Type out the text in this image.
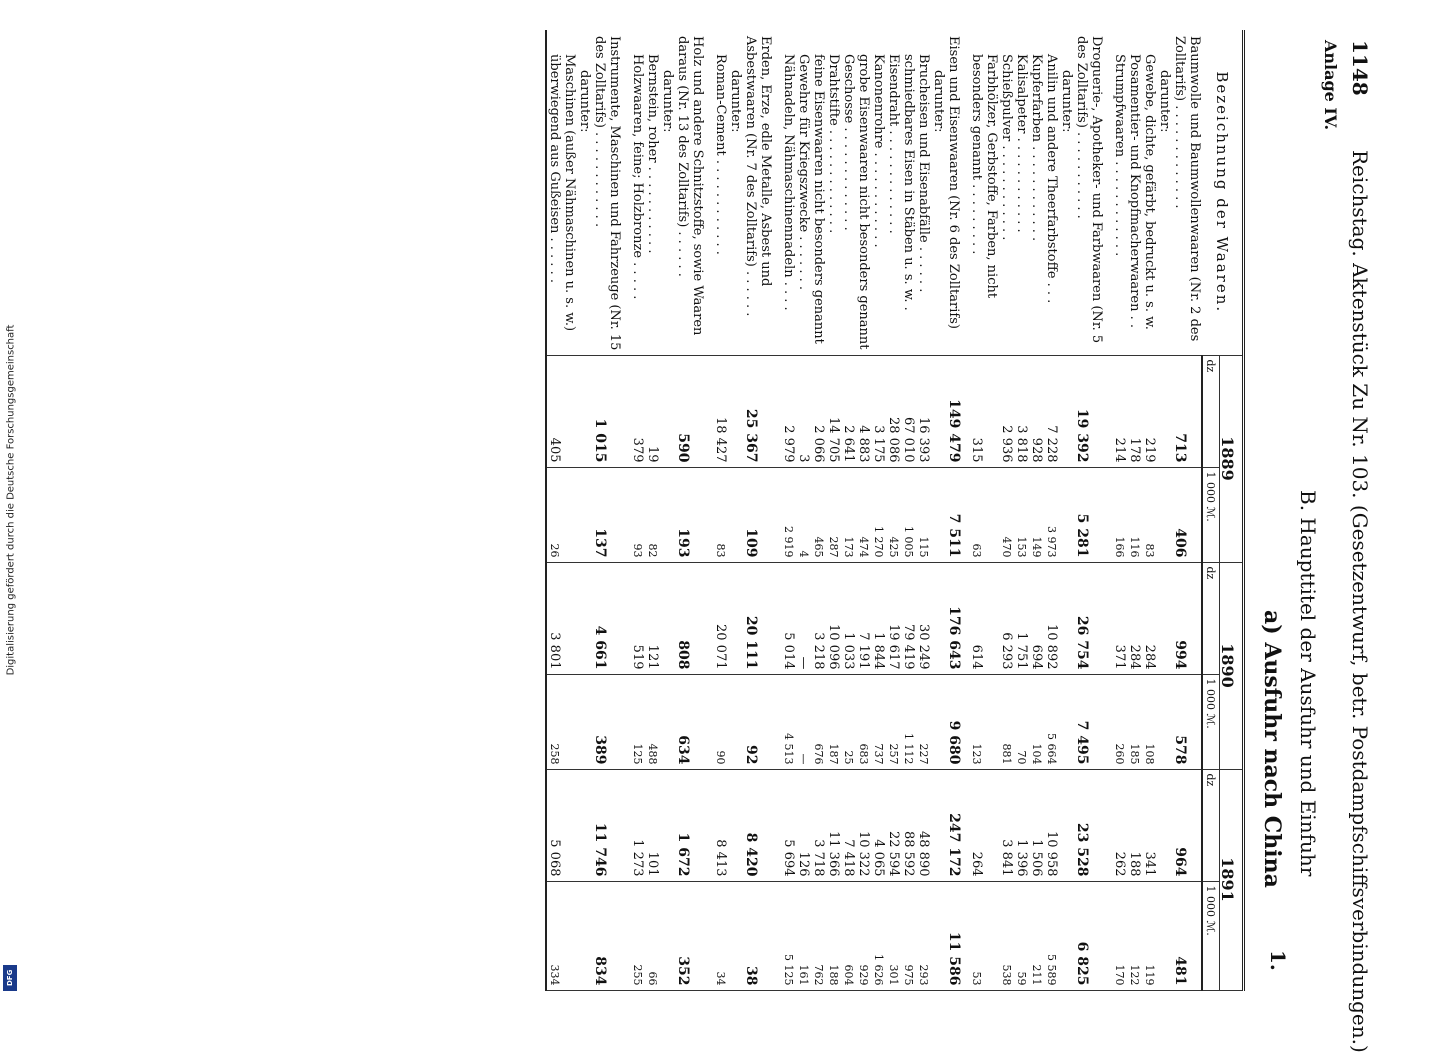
Digitalisierung gefördert durch die Deutsche Forschungsgemeinschaft
DFG
1148
Reichstag. Aktenstück Zu Nr. 103. (Gesetzentwurf, betr. Postdampfschiffsverbindungen.)
Anlage IV.
B. Haupttitel der Ausfuhr und Einfuhr
1.
a) Ausfuhr nach China
Bezeichnung der Waaren.	1889		1890		1891	
	dz	1 000 ℳ.	dz	1 000 ℳ.	dz	1 000 ℳ.
Baumwolle und Baumwollenwaaren (Nr. 2 des Zolltarifs) . . . . . . . . . . . . .	713	406	994	578	964	481
darunter:						
Gewebe, dichte, gefärbt, bedruckt u. s. w.	219	83	284	108	341	119
Posamentier- und Knopfmacherwaaren . .	178	116	284	185	188	122
Strumpfwaaren . . . . . . . . . . . .	214	166	371	260	262	170

Droguerie-, Apotheker- und Farbwaaren (Nr. 5 des Zolltarifs) . . . . . . . . . . .	19 392	5 281	26 754	7 495	23 528	6 825
darunter:						
Anilin und andere Theerfarbstoffe . . .	7 228	3 973	10 892	5 664	10 958	5 589
Kupferfarben . . . . . . . . . . . .	928	149	694	104	1 506	211
Kalisalpeter . . . . . . . . . . . .	3 818	153	1 751	70	1 396	59
Schießpulver . . . . . . . . . . . .	2 936	470	6 293	881	3 841	538
Farbhölzer, Gerbstoffe, Farben, nicht besonders genannt . . . . . . . . .	315	63	614	123	264	53

Eisen und Eisenwaaren (Nr. 6 des Zolltarifs)	149 479	7 511	176 643	9 680	247 172	11 586
darunter:						
Brucheisen und Eisenabfälle . . . . . .	16 393	115	30 249	227	48 890	293
schmiedbares Eisen in Stäben u. s. w. .	67 010	1 005	79 419	1 112	88 592	975
Eisendraht . . . . . . . . . . . . .	28 086	425	19 617	257	22 594	301
Kanonenrohre . . . . . . . . . . . .	3 175	1 270	1 844	737	4 065	1 626
grobe Eisenwaaren nicht besonders genannt	4 883	474	7 191	683	10 322	929
Geschosse . . . . . . . . . . . . .	2 641	173	1 033	25	7 418	604
Drahtstifte . . . . . . . . . . . . .	14 705	287	10 096	187	11 366	188
feine Eisenwaaren nicht besonders genannt	2 066	465	3 218	676	3 718	762
Gewehre für Kriegszwecke . . . . . . .	3	4	—	—	126	161
Nähnadeln, Nähmaschinennadeln . . . .	2 979	2 919	5 014	4 513	5 694	5 125

Erden, Erze, edle Metalle, Asbest und Asbestwaaren (Nr. 7 des Zolltarifs) . . . . . .	25 367	109	20 111	92	8 420	38
darunter:						
Roman-Cement . . . . . . . . . . . .	18 427	83	20 071	90	8 413	34

Holz und andere Schnitzstoffe, sowie Waaren daraus (Nr. 13 des Zolltarifs) . . . . . .	590	193	808	634	1 672	352
darunter:						
Bernstein, roher . . . . . . . . . . .	19	82	121	488	101	66
Holzwaaren, feine; Holzbronze . . . . .	379	93	519	125	1 273	255

Instrumente, Maschinen und Fahrzeuge (Nr. 15 des Zolltarifs) . . . . . . . . . . . .	1 015	137	4 661	389	11 746	834
darunter:						
Maschinen (außer Nähmaschinen u. s. w.) überwiegend aus Gußeisen . . . . . .	405	26	3 801	258	5 068	334
